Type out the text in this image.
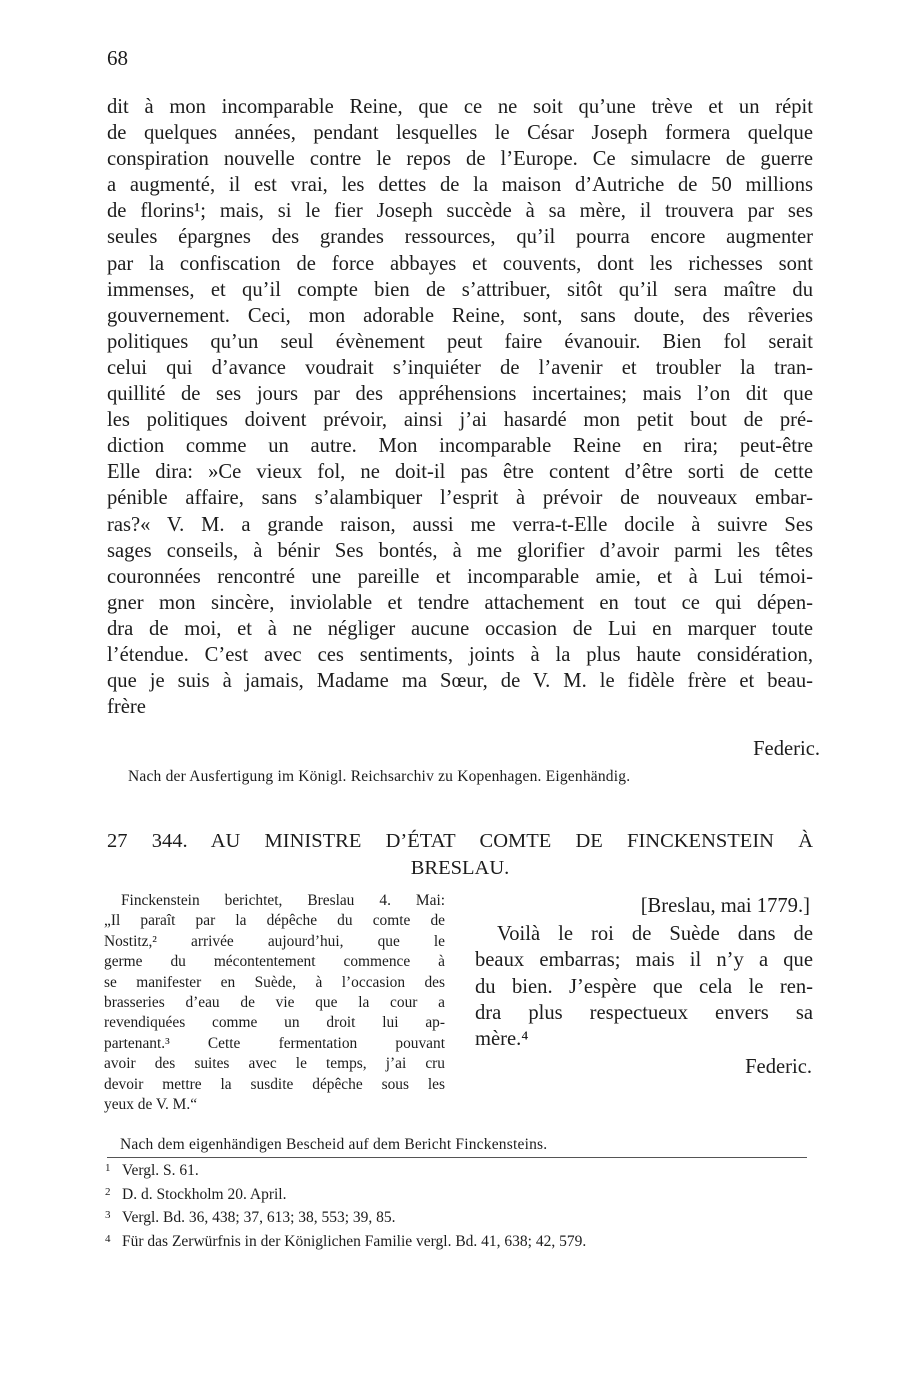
68
dit à mon incomparable Reine, que ce ne soit qu’une trève et un répit
de quelques années, pendant lesquelles le César Joseph formera quelque
conspiration nouvelle contre le repos de l’Europe. Ce simulacre de guerre
a augmenté, il est vrai, les dettes de la maison d’Autriche de 50 millions
de florins¹; mais, si le fier Joseph succède à sa mère, il trouvera par ses
seules épargnes des grandes ressources, qu’il pourra encore augmenter
par la confiscation de force abbayes et couvents, dont les richesses sont
immenses, et qu’il compte bien de s’attribuer, sitôt qu’il sera maître du
gouvernement. Ceci, mon adorable Reine, sont, sans doute, des rêveries
politiques qu’un seul évènement peut faire évanouir. Bien fol serait
celui qui d’avance voudrait s’inquiéter de l’avenir et troubler la tran-
quillité de ses jours par des appréhensions incertaines; mais l’on dit que
les politiques doivent prévoir, ainsi j’ai hasardé mon petit bout de pré-
diction comme un autre. Mon incomparable Reine en rira; peut-être
Elle dira: »Ce vieux fol, ne doit-il pas être content d’être sorti de cette
pénible affaire, sans s’alambiquer l’esprit à prévoir de nouveaux embar-
ras?« V. M. a grande raison, aussi me verra-t-Elle docile à suivre Ses
sages conseils, à bénir Ses bontés, à me glorifier d’avoir parmi les têtes
couronnées rencontré une pareille et incomparable amie, et à Lui témoi-
gner mon sincère, inviolable et tendre attachement en tout ce qui dépen-
dra de moi, et à ne négliger aucune occasion de Lui en marquer toute
l’étendue. C’est avec ces sentiments, joints à la plus haute considération,
que je suis à jamais, Madame ma Sœur, de V. M. le fidèle frère et beau-
frère
Federic.
Nach der Ausfertigung im Königl. Reichsarchiv zu Kopenhagen. Eigenhändig.
27 344. AU MINISTRE D’ÉTAT COMTE DE FINCKENSTEIN À
BRESLAU.
Finckenstein berichtet, Breslau 4. Mai:
„Il paraît par la dépêche du comte de
Nostitz,² arrivée aujourd’hui, que le
germe du mécontentement commence à
se manifester en Suède, à l’occasion des
brasseries d’eau de vie que la cour a
revendiquées comme un droit lui ap-
partenant.³ Cette fermentation pouvant
avoir des suites avec le temps, j’ai cru
devoir mettre la susdite dépêche sous les
yeux de V. M.“
[Breslau, mai 1779.]
Voilà le roi de Suède dans de
beaux embarras; mais il n’y a que
du bien. J’espère que cela le ren-
dra plus respectueux envers sa
mère.⁴
Federic.
Nach dem eigenhändigen Bescheid auf dem Bericht Finckensteins.
1 Vergl. S. 61.
2 D. d. Stockholm 20. April.
3 Vergl. Bd. 36, 438; 37, 613; 38, 553; 39, 85.
4 Für das Zerwürfnis in der Königlichen Familie vergl. Bd. 41, 638; 42, 579.
